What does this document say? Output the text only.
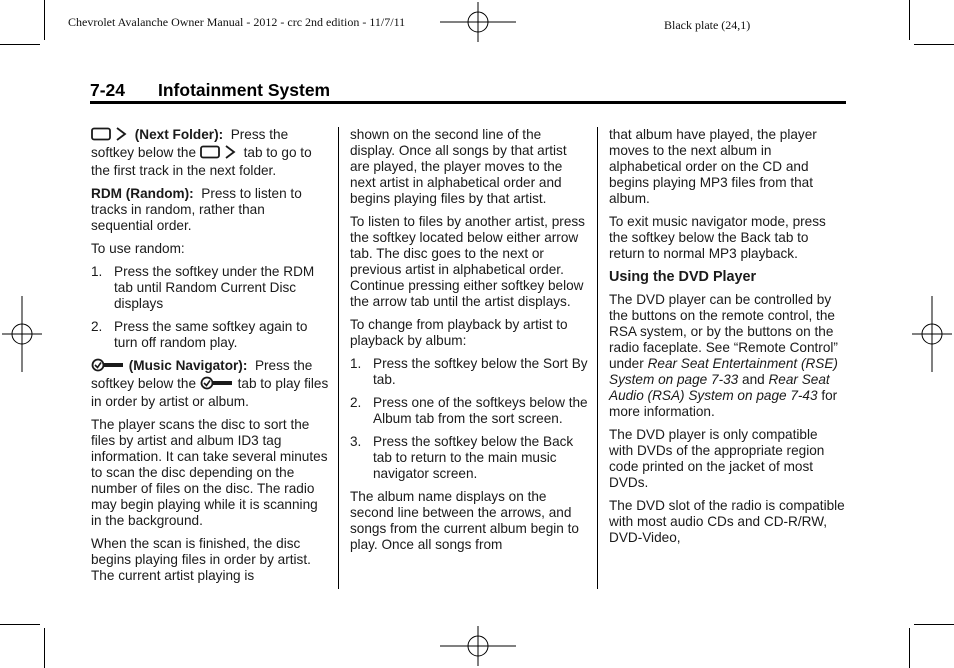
Chevrolet Avalanche Owner Manual - 2012 - crc 2nd edition - 11/7/11	Black plate (24,1)
7-24 Infotainment System

(Next Folder): Press the softkey below the	tab to go to the first track in the next folder.

RDM (Random): Press to listen to tracks in random, rather than sequential order.

To use random:

1. Press the softkey under the RDM tab until Random Current Disc displays
2. Press the same softkey again to turn off random play.

(Music Navigator): Press the softkey below the	tab to play files in order by artist or album.

The player scans the disc to sort the files by artist and album ID3 tag information. It can take several minutes to scan the disc depending on the number of files on the disc. The radio may begin playing while it is scanning in the background.

When the scan is finished, the disc begins playing files in order by artist. The current artist playing is

shown on the second line of the display. Once all songs by that artist are played, the player moves to the next artist in alphabetical order and begins playing files by that artist.

To listen to files by another artist, press the softkey located below either arrow tab. The disc goes to the next or previous artist in alphabetical order. Continue pressing either softkey below the arrow tab until the artist displays.

To change from playback by artist to playback by album:

1. Press the softkey below the Sort By tab.
2. Press one of the softkeys below the Album tab from the sort screen.
3. Press the softkey below the Back tab to return to the main music navigator screen.

The album name displays on the second line between the arrows, and songs from the current album begin to play. Once all songs from

that album have played, the player moves to the next album in alphabetical order on the CD and begins playing MP3 files from that album.

To exit music navigator mode, press the softkey below the Back tab to return to normal MP3 playback.

Using the DVD Player

The DVD player can be controlled by the buttons on the remote control, the RSA system, or by the buttons on the radio faceplate. See “Remote Control” under Rear Seat Entertainment (RSE) System on page 7-33 and Rear Seat Audio (RSA) System on page 7-43 for more information.

The DVD player is only compatible with DVDs of the appropriate region code printed on the jacket of most DVDs.

The DVD slot of the radio is compatible with most audio CDs and CD-R/RW, DVD-Video,
